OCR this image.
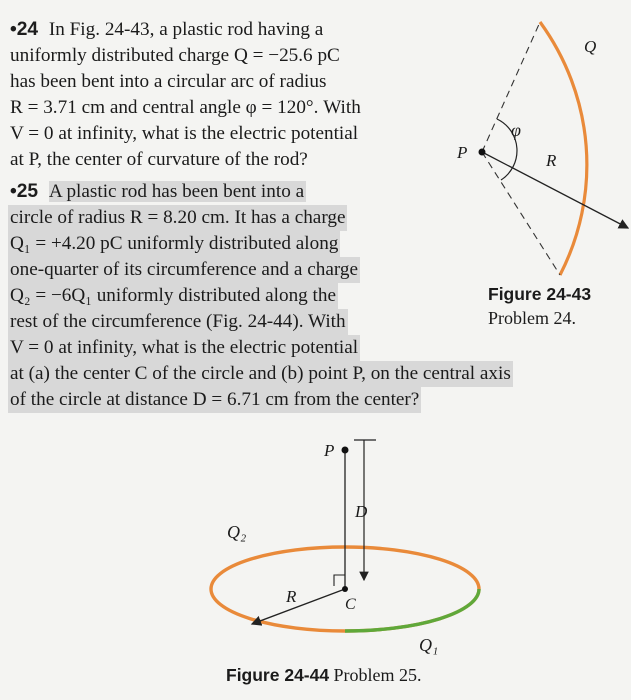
•24 In Fig. 24-43, a plastic rod having a
uniformly distributed charge Q = −25.6 pC
has been bent into a circular arc of radius
R = 3.71 cm and central angle φ = 120°. With
V = 0 at infinity, what is the electric potential
at P, the center of curvature of the rod?
•25 A plastic rod has been bent into a
circle of radius R = 8.20 cm. It has a charge
Q₁ = +4.20 pC uniformly distributed along
one-quarter of its circumference and a charge
Q₂ = −6Q₁ uniformly distributed along the
rest of the circumference (Fig. 24-44). With
V = 0 at infinity, what is the electric potential
at (a) the center C of the circle and (b) point P, on the central axis
of the circle at distance D = 6.71 cm from the center?
Figure 24-43
Problem 24.
Figure 24-44 Problem 25.
Q
φ
P	R
P
D
Q₂
R	C
Q₁
